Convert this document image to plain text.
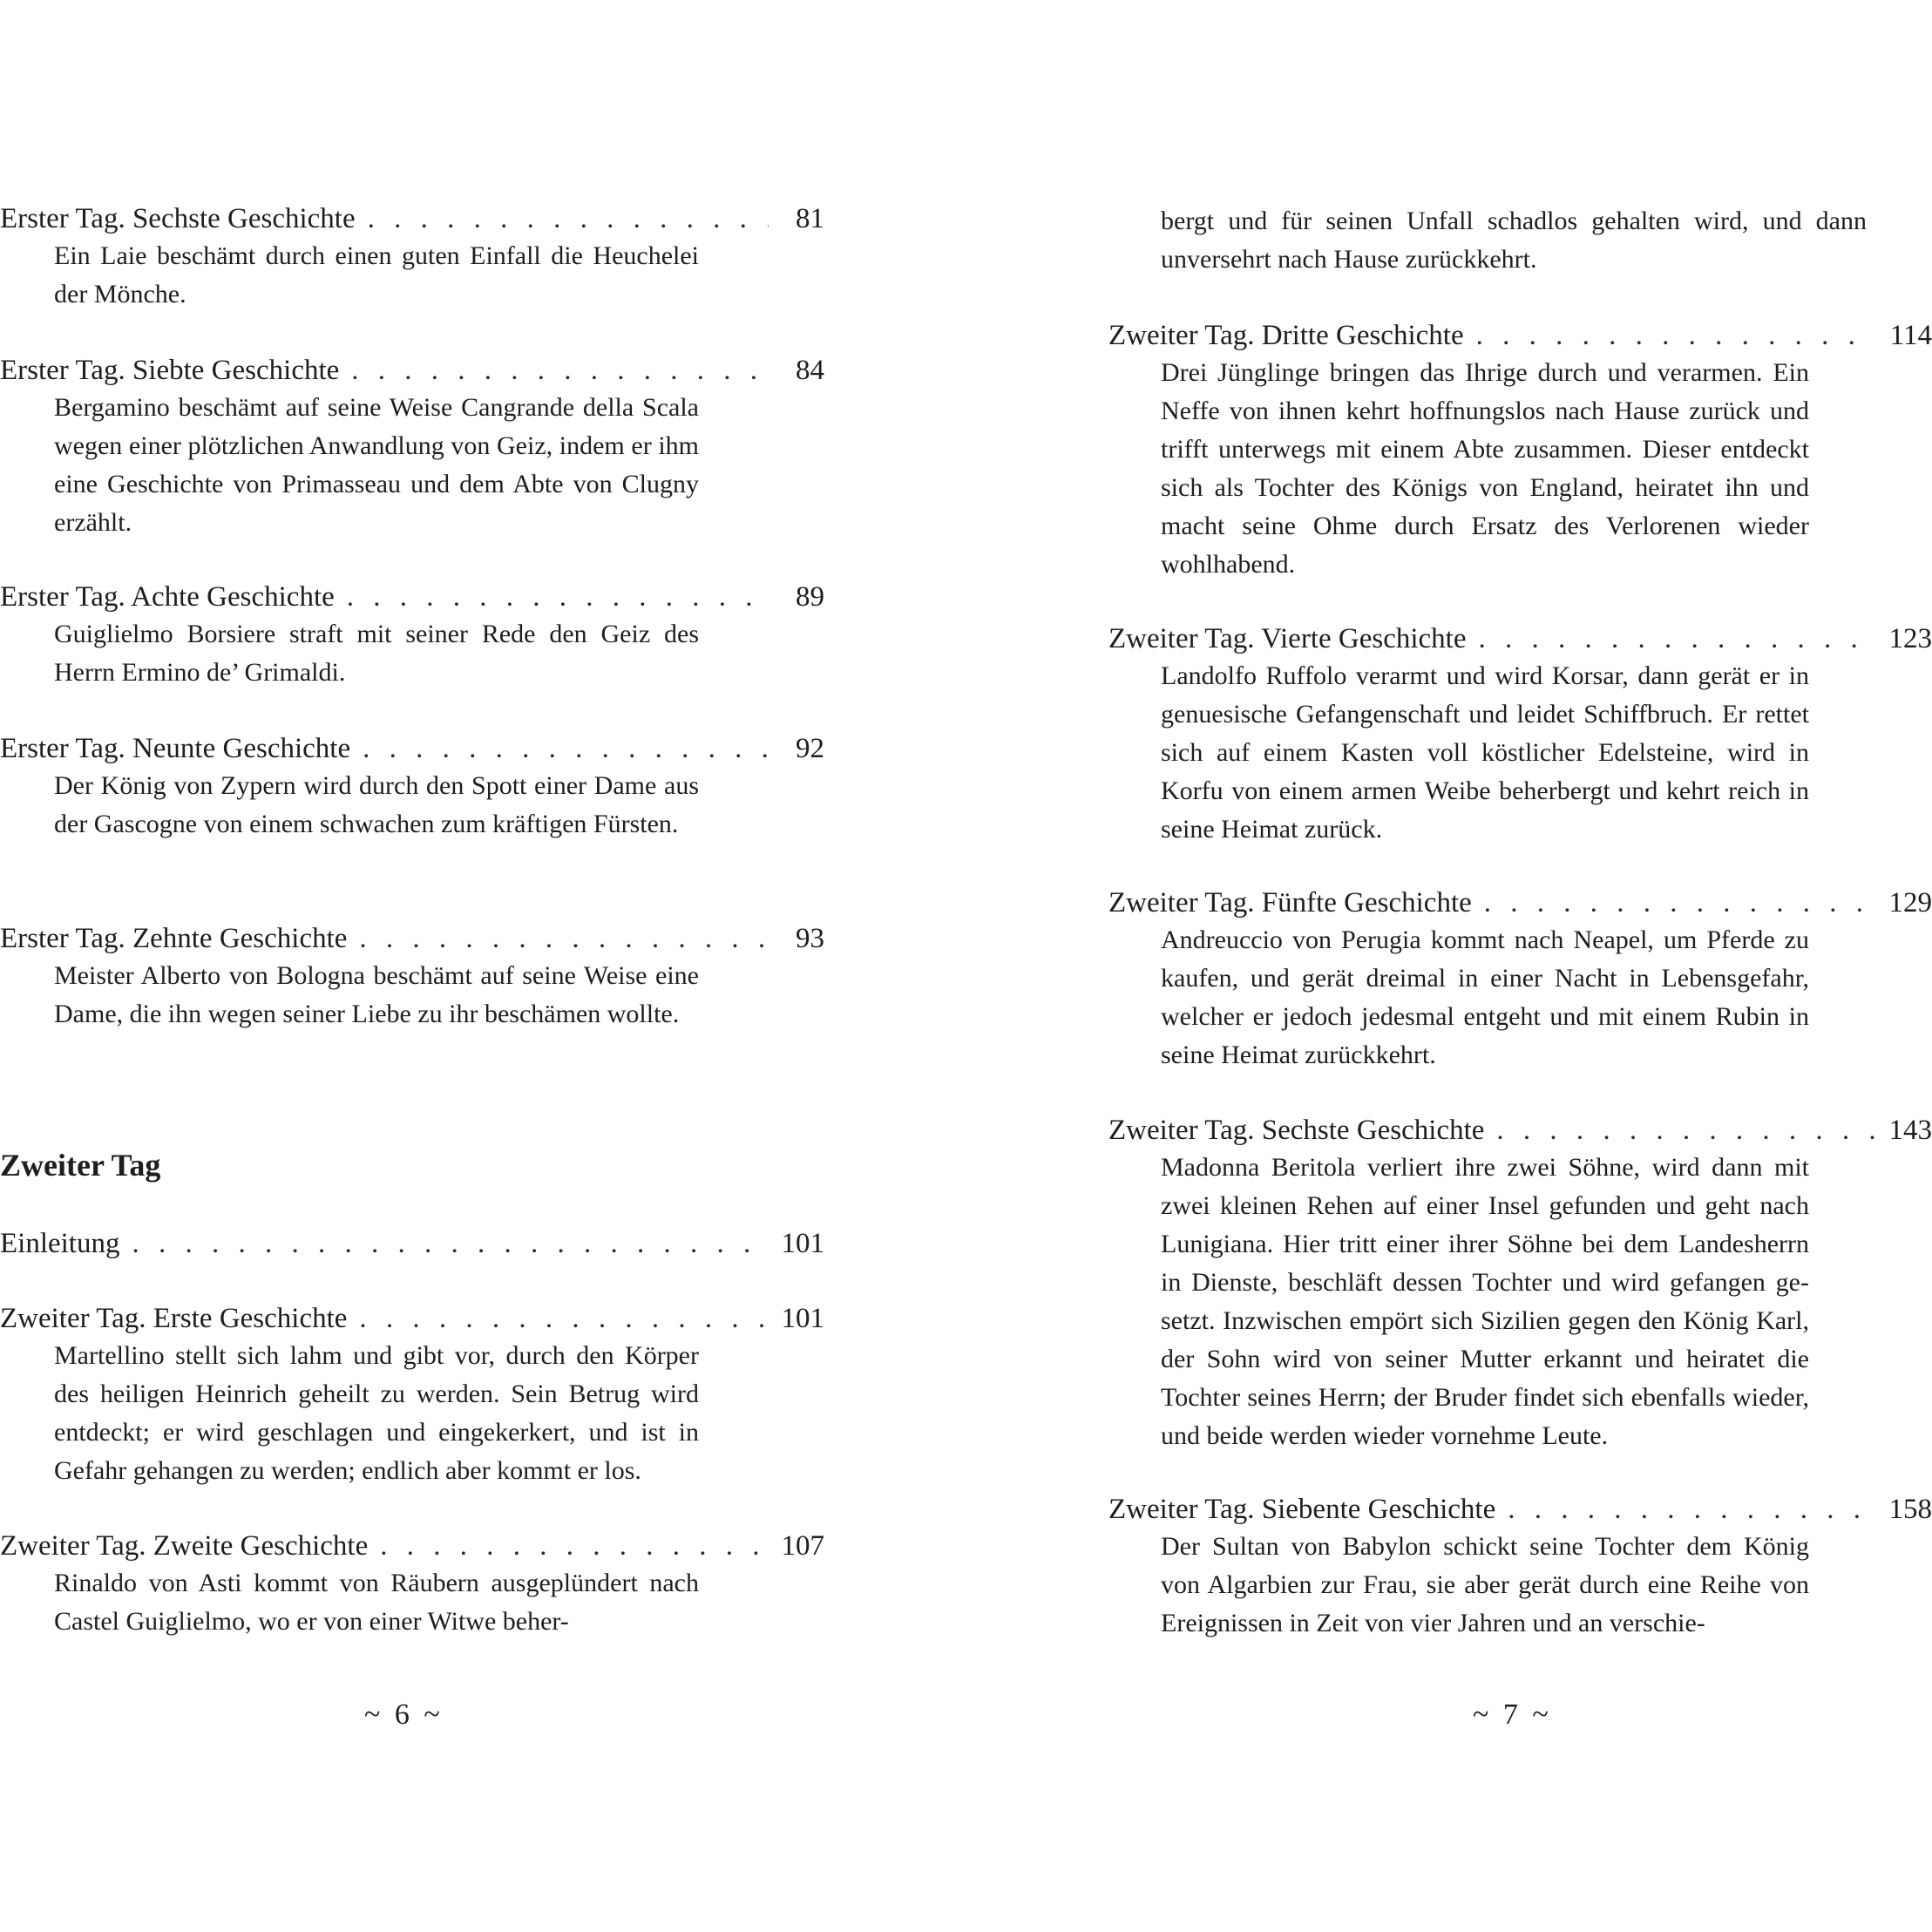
Erster Tag. Sechste Geschichte . . .	81
Ein Laie beschämt durch einen guten Einfall die Heuchelei der Mönche.
Erster Tag. Siebte Geschichte . . .	84
Bergamino beschämt auf seine Weise Cangrande della Scala wegen einer plötzlichen Anwandlung von Geiz, indem er ihm eine Geschichte von Primasseau und dem Abte von Clugny erzählt.
Erster Tag. Achte Geschichte . . .	89
Guiglielmo Borsiere straft mit seiner Rede den Geiz des Herrn Ermino de’ Grimaldi.
Erster Tag. Neunte Geschichte . . .	92
Der König von Zypern wird durch den Spott einer Dame aus der Gascogne von einem schwachen zum kräftigen Fürsten.
Erster Tag. Zehnte Geschichte . . .	93
Meister Alberto von Bologna beschämt auf seine Weise eine Dame, die ihn wegen seiner Liebe zu ihr beschämen wollte.
Zweiter Tag
Einleitung . . .	101
Zweiter Tag. Erste Geschichte . . .	101
Martellino stellt sich lahm und gibt vor, durch den Körper des heiligen Heinrich geheilt zu werden. Sein Betrug wird entdeckt; er wird geschlagen und eingekerkert, und ist in Gefahr gehangen zu werden; endlich aber kommt er los.
Zweiter Tag. Zweite Geschichte . . .	107
Rinaldo von Asti kommt von Räubern ausgeplündert nach Castel Guiglielmo, wo er von einer Witwe beher-
~ 6 ~
bergt und für seinen Unfall schadlos gehalten wird, und dann unversehrt nach Hause zurückkehrt.
Zweiter Tag. Dritte Geschichte . . .	114
Drei Jünglinge bringen das Ihrige durch und verarmen. Ein Neffe von ihnen kehrt hoffnungslos nach Hause zurück und trifft unterwegs mit einem Abte zusammen. Dieser entdeckt sich als Tochter des Königs von England, heiratet ihn und macht seine Ohme durch Ersatz des Verlorenen wieder wohlhabend.
Zweiter Tag. Vierte Geschichte . . .	123
Landolfo Ruffolo verarmt und wird Korsar, dann gerät er in genuesische Gefangenschaft und leidet Schiffbruch. Er rettet sich auf einem Kasten voll köstlicher Edelsteine, wird in Korfu von einem armen Weibe beherbergt und kehrt reich in seine Heimat zurück.
Zweiter Tag. Fünfte Geschichte . . .	129
Andreuccio von Perugia kommt nach Neapel, um Pferde zu kaufen, und gerät dreimal in einer Nacht in Lebensgefahr, welcher er jedoch jedesmal entgeht und mit einem Rubin in seine Heimat zurückkehrt.
Zweiter Tag. Sechste Geschichte . . .	143
Madonna Beritola verliert ihre zwei Söhne, wird dann mit zwei kleinen Rehen auf einer Insel gefunden und geht nach Lunigiana. Hier tritt einer ihrer Söhne bei dem Landesherrn in Dienste, beschläft dessen Tochter und wird gefangen gesetzt. Inzwischen empört sich Sizilien gegen den König Karl, der Sohn wird von seiner Mutter erkannt und heiratet die Tochter seines Herrn; der Bruder findet sich ebenfalls wieder, und beide werden wieder vornehme Leute.
Zweiter Tag. Siebente Geschichte . . .	158
Der Sultan von Babylon schickt seine Tochter dem König von Algarbien zur Frau, sie aber gerät durch eine Reihe von Ereignissen in Zeit von vier Jahren und an verschie-
~ 7 ~
